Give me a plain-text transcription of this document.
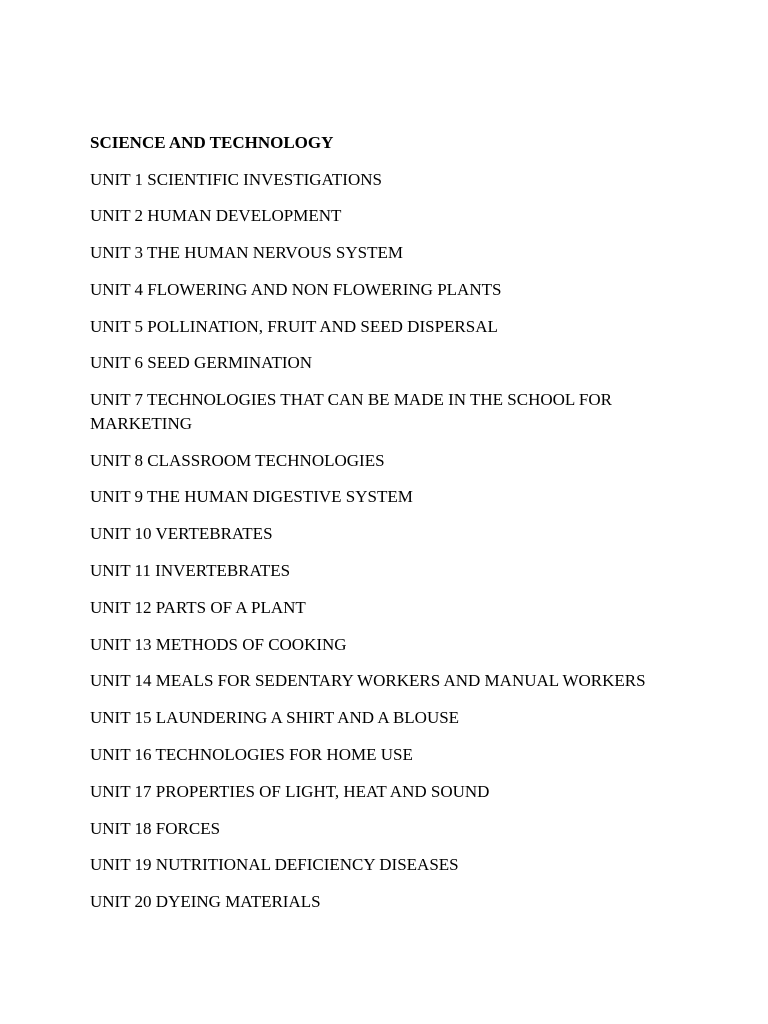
SCIENCE AND TECHNOLOGY
UNIT 1 SCIENTIFIC INVESTIGATIONS
UNIT 2 HUMAN DEVELOPMENT
UNIT 3 THE HUMAN NERVOUS SYSTEM
UNIT 4 FLOWERING AND NON FLOWERING PLANTS
UNIT 5 POLLINATION, FRUIT AND SEED DISPERSAL
UNIT 6 SEED GERMINATION
UNIT 7 TECHNOLOGIES THAT CAN BE MADE IN THE SCHOOL FOR MARKETING
UNIT 8 CLASSROOM TECHNOLOGIES
UNIT 9 THE HUMAN DIGESTIVE SYSTEM
UNIT 10 VERTEBRATES
UNIT 11 INVERTEBRATES
UNIT 12 PARTS OF A PLANT
UNIT 13 METHODS OF COOKING
UNIT 14 MEALS FOR SEDENTARY WORKERS AND MANUAL WORKERS
UNIT 15 LAUNDERING A SHIRT AND A BLOUSE
UNIT 16 TECHNOLOGIES FOR HOME USE
UNIT 17 PROPERTIES OF LIGHT, HEAT AND SOUND
UNIT 18 FORCES
UNIT 19 NUTRITIONAL DEFICIENCY DISEASES
UNIT 20 DYEING MATERIALS
